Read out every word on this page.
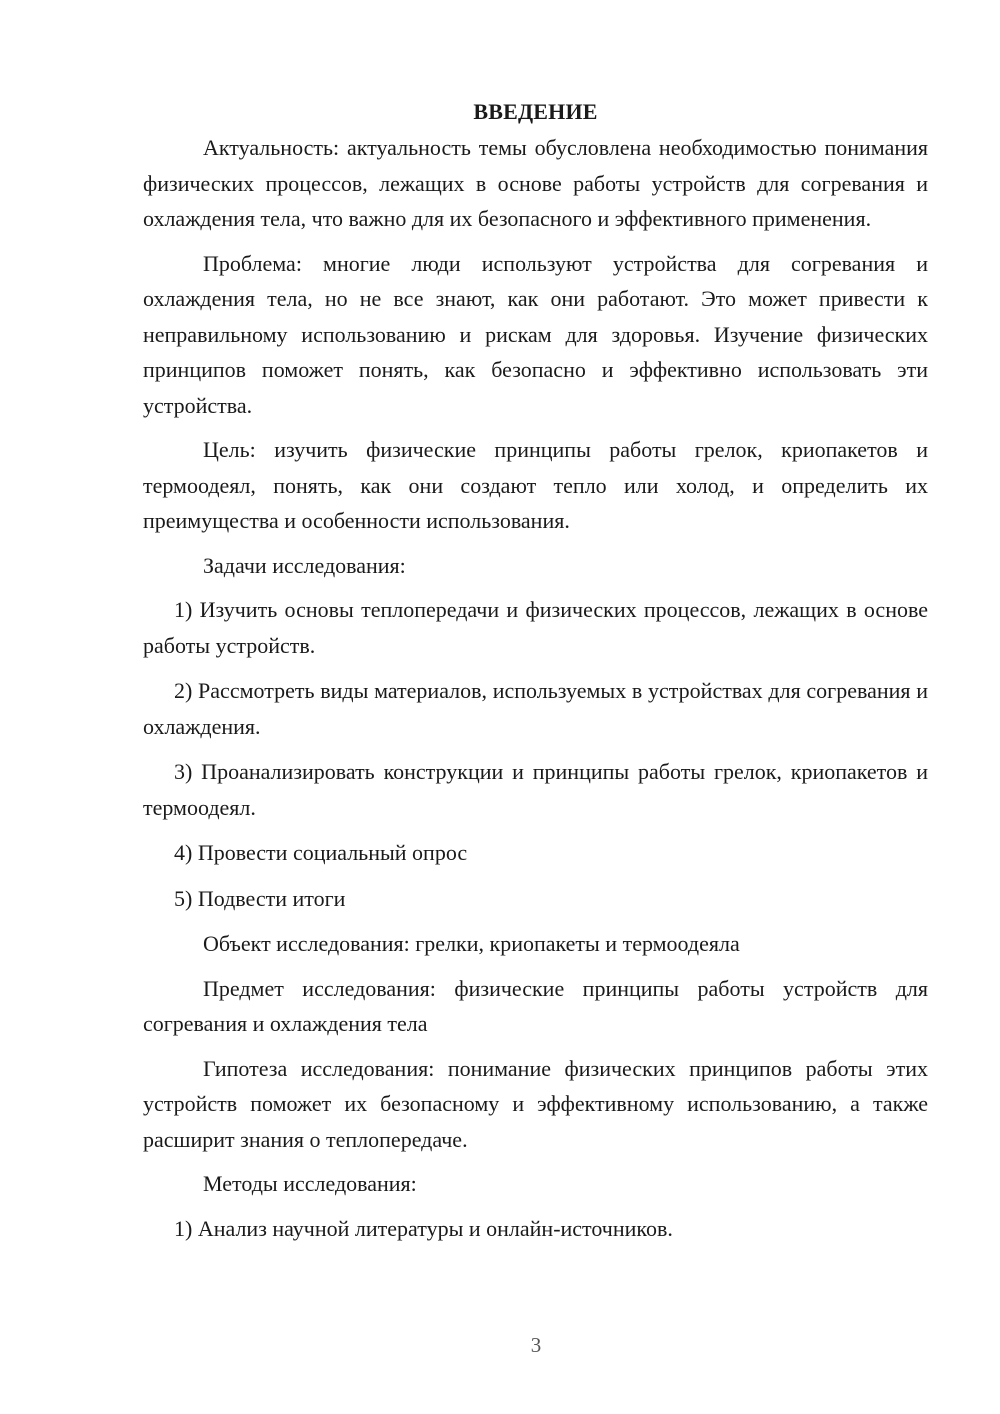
ВВЕДЕНИЕ

Актуальность: актуальность темы обусловлена необходимостью понимания физических процессов, лежащих в основе работы устройств для согревания и охлаждения тела, что важно для их безопасного и эффективного применения.

Проблема: многие люди используют устройства для согревания и охлаждения тела, но не все знают, как они работают. Это может привести к неправильному использованию и рискам для здоровья. Изучение физических принципов поможет понять, как безопасно и эффективно использовать эти устройства.

Цель: изучить физические принципы работы грелок, криопакетов и термоодеял, понять, как они создают тепло или холод, и определить их преимущества и особенности использования.

Задачи исследования:

1) Изучить основы теплопередачи и физических процессов, лежащих в основе работы устройств.

2) Рассмотреть виды материалов, используемых в устройствах для согревания и охлаждения.

3) Проанализировать конструкции и принципы работы грелок, криопакетов и термоодеял.

4) Провести социальный опрос

5) Подвести итоги

Объект исследования: грелки, криопакеты и термоодеяла

Предмет исследования: физические принципы работы устройств для согревания и охлаждения тела

Гипотеза исследования: понимание физических принципов работы этих устройств поможет их безопасному и эффективному использованию, а также расширит знания о теплопередаче.

Методы исследования:

1) Анализ научной литературы и онлайн-источников.

3
